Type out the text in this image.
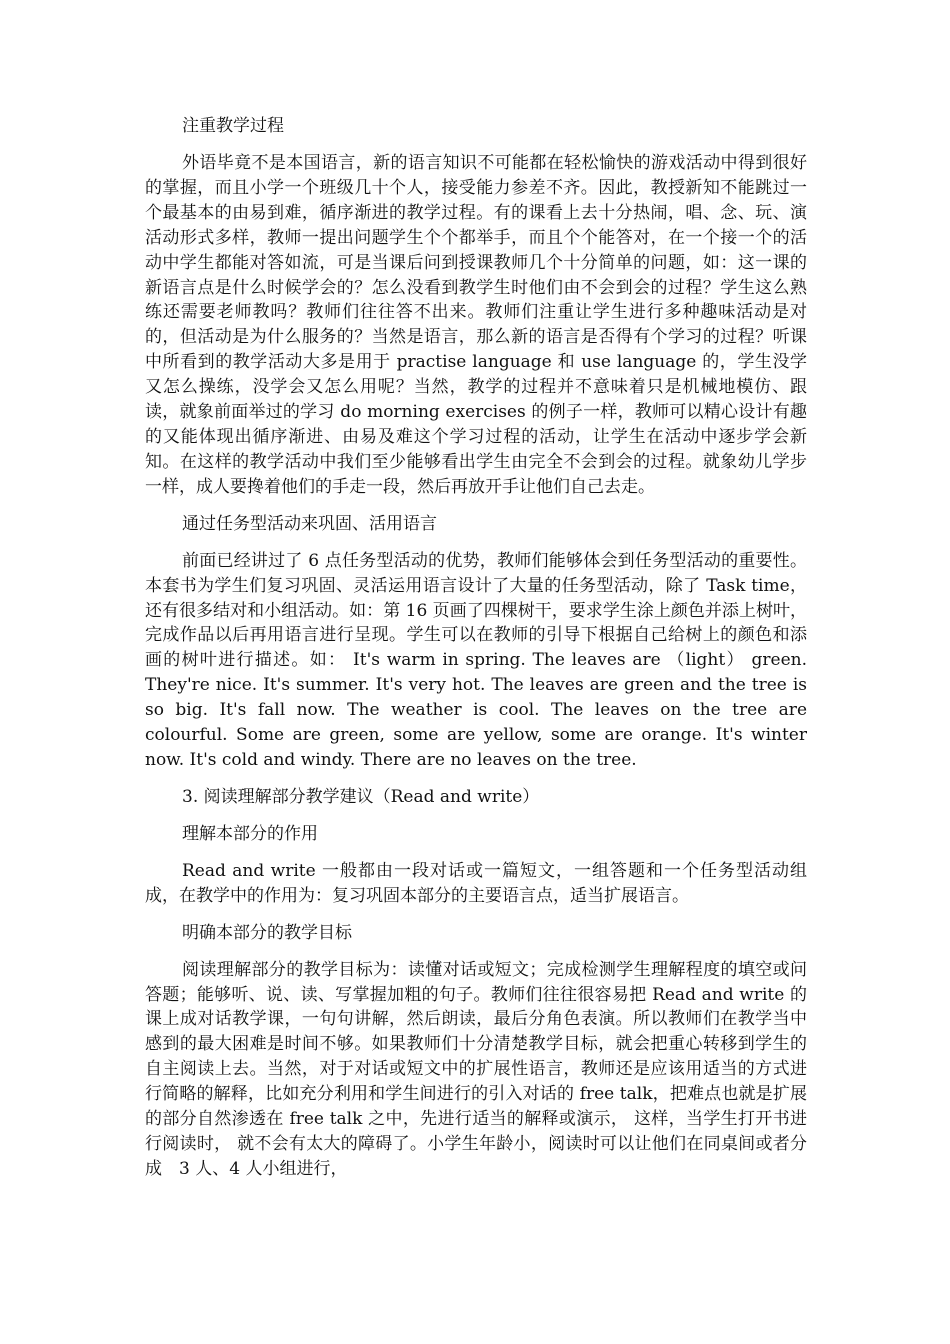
注重教学过程

外语毕竟不是本国语言，新的语言知识不可能都在轻松愉快的游戏活动中得到很好的掌握，而且小学一个班级几十个人，接受能力参差不齐。因此，教授新知不能跳过一个最基本的由易到难，循序渐进的教学过程。有的课看上去十分热闹，唱、念、玩、演活动形式多样，教师一提出问题学生个个都举手，而且个个能答对，在一个接一个的活动中学生都能对答如流，可是当课后问到授课教师几个十分简单的问题，如：这一课的新语言点是什么时候学会的？怎么没看到教学生时他们由不会到会的过程？学生这么熟练还需要老师教吗？教师们往往答不出来。教师们注重让学生进行多种趣味活动是对的，但活动是为什么服务的？当然是语言，那么新的语言是否得有个学习的过程？听课中所看到的教学活动大多是用于 practise language 和 use language 的，学生没学又怎么操练，没学会又怎么用呢？当然，教学的过程并不意味着只是机械地模仿、跟读，就象前面举过的学习 do morning exercises 的例子一样，教师可以精心设计有趣的又能体现出循序渐进、由易及难这个学习过程的活动，让学生在活动中逐步学会新知。在这样的教学活动中我们至少能够看出学生由完全不会到会的过程。就象幼儿学步一样，成人要搀着他们的手走一段，然后再放开手让他们自己去走。

通过任务型活动来巩固、活用语言

前面已经讲过了 6 点任务型活动的优势，教师们能够体会到任务型活动的重要性。本套书为学生们复习巩固、灵活运用语言设计了大量的任务型活动，除了 Task time，还有很多结对和小组活动。如：第 16 页画了四棵树干，要求学生涂上颜色并添上树叶，完成作品以后再用语言进行呈现。学生可以在教师的引导下根据自己给树上的颜色和添画的树叶进行描述。如： It's warm in spring. The leaves are （light） green. They're nice. It's summer. It's very hot. The leaves are green and the tree is so big. It's fall now. The weather is cool. The leaves on the tree are colourful. Some are green, some are yellow, some are orange. It's winter now. It's cold and windy. There are no leaves on the tree.

3. 阅读理解部分教学建议（Read and write）

理解本部分的作用

Read and write 一般都由一段对话或一篇短文，一组答题和一个任务型活动组成，在教学中的作用为：复习巩固本部分的主要语言点，适当扩展语言。

明确本部分的教学目标

阅读理解部分的教学目标为：读懂对话或短文；完成检测学生理解程度的填空或问答题；能够听、说、读、写掌握加粗的句子。教师们往往很容易把 Read and write 的课上成对话教学课，一句句讲解，然后朗读，最后分角色表演。所以教师们在教学当中感到的最大困难是时间不够。如果教师们十分清楚教学目标，就会把重心转移到学生的自主阅读上去。当然，对于对话或短文中的扩展性语言，教师还是应该用适当的方式进行简略的解释，比如充分利用和学生间进行的引入对话的 free talk，把难点也就是扩展的部分自然渗透在 free talk 之中，先进行适当的解释或演示， 这样，当学生打开书进行阅读时， 就不会有太大的障碍了。小学生年龄小，阅读时可以让他们在同桌间或者分成　3 人、4 人小组进行，
